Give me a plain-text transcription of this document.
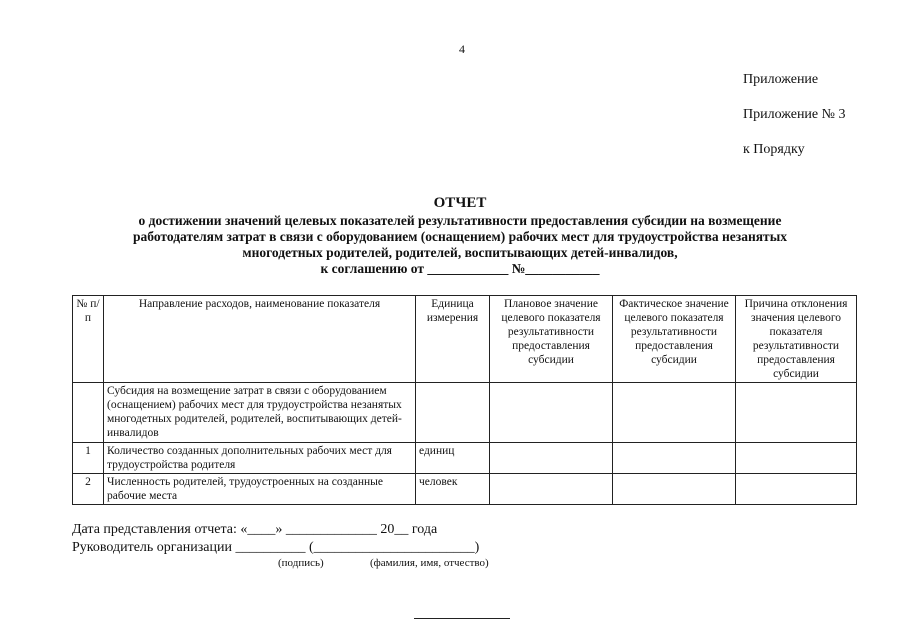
4
Приложение
Приложение № 3
к Порядку
ОТЧЕТ
о достижении значений целевых показателей результативности предоставления субсидии на возмещение
работодателям затрат в связи с оборудованием (оснащением) рабочих мест для трудоустройства незанятых
многодетных родителей, родителей, воспитывающих детей-инвалидов,
к соглашению от ____________ №___________
№ п/п	Направление расходов, наименование показателя	Единица измерения	Плановое значение целевого показателя результативности предоставления субсидии	Фактическое значение целевого показателя результативности предоставления субсидии	Причина отклонения значения целевого показателя результативности предоставления субсидии
	Субсидия на возмещение затрат в связи с оборудованием (оснащением) рабочих мест для трудоустройства незанятых многодетных родителей, родителей, воспитывающих детей-инвалидов				
1	Количество созданных дополнительных рабочих мест для трудоустройства родителя	единиц			
2	Численность родителей, трудоустроенных на созданные рабочие места	человек			
Дата представления отчета: «____» _____________ 20__ года
Руководитель организации __________ (_______________________)
(подпись)	(фамилия, имя, отчество)
